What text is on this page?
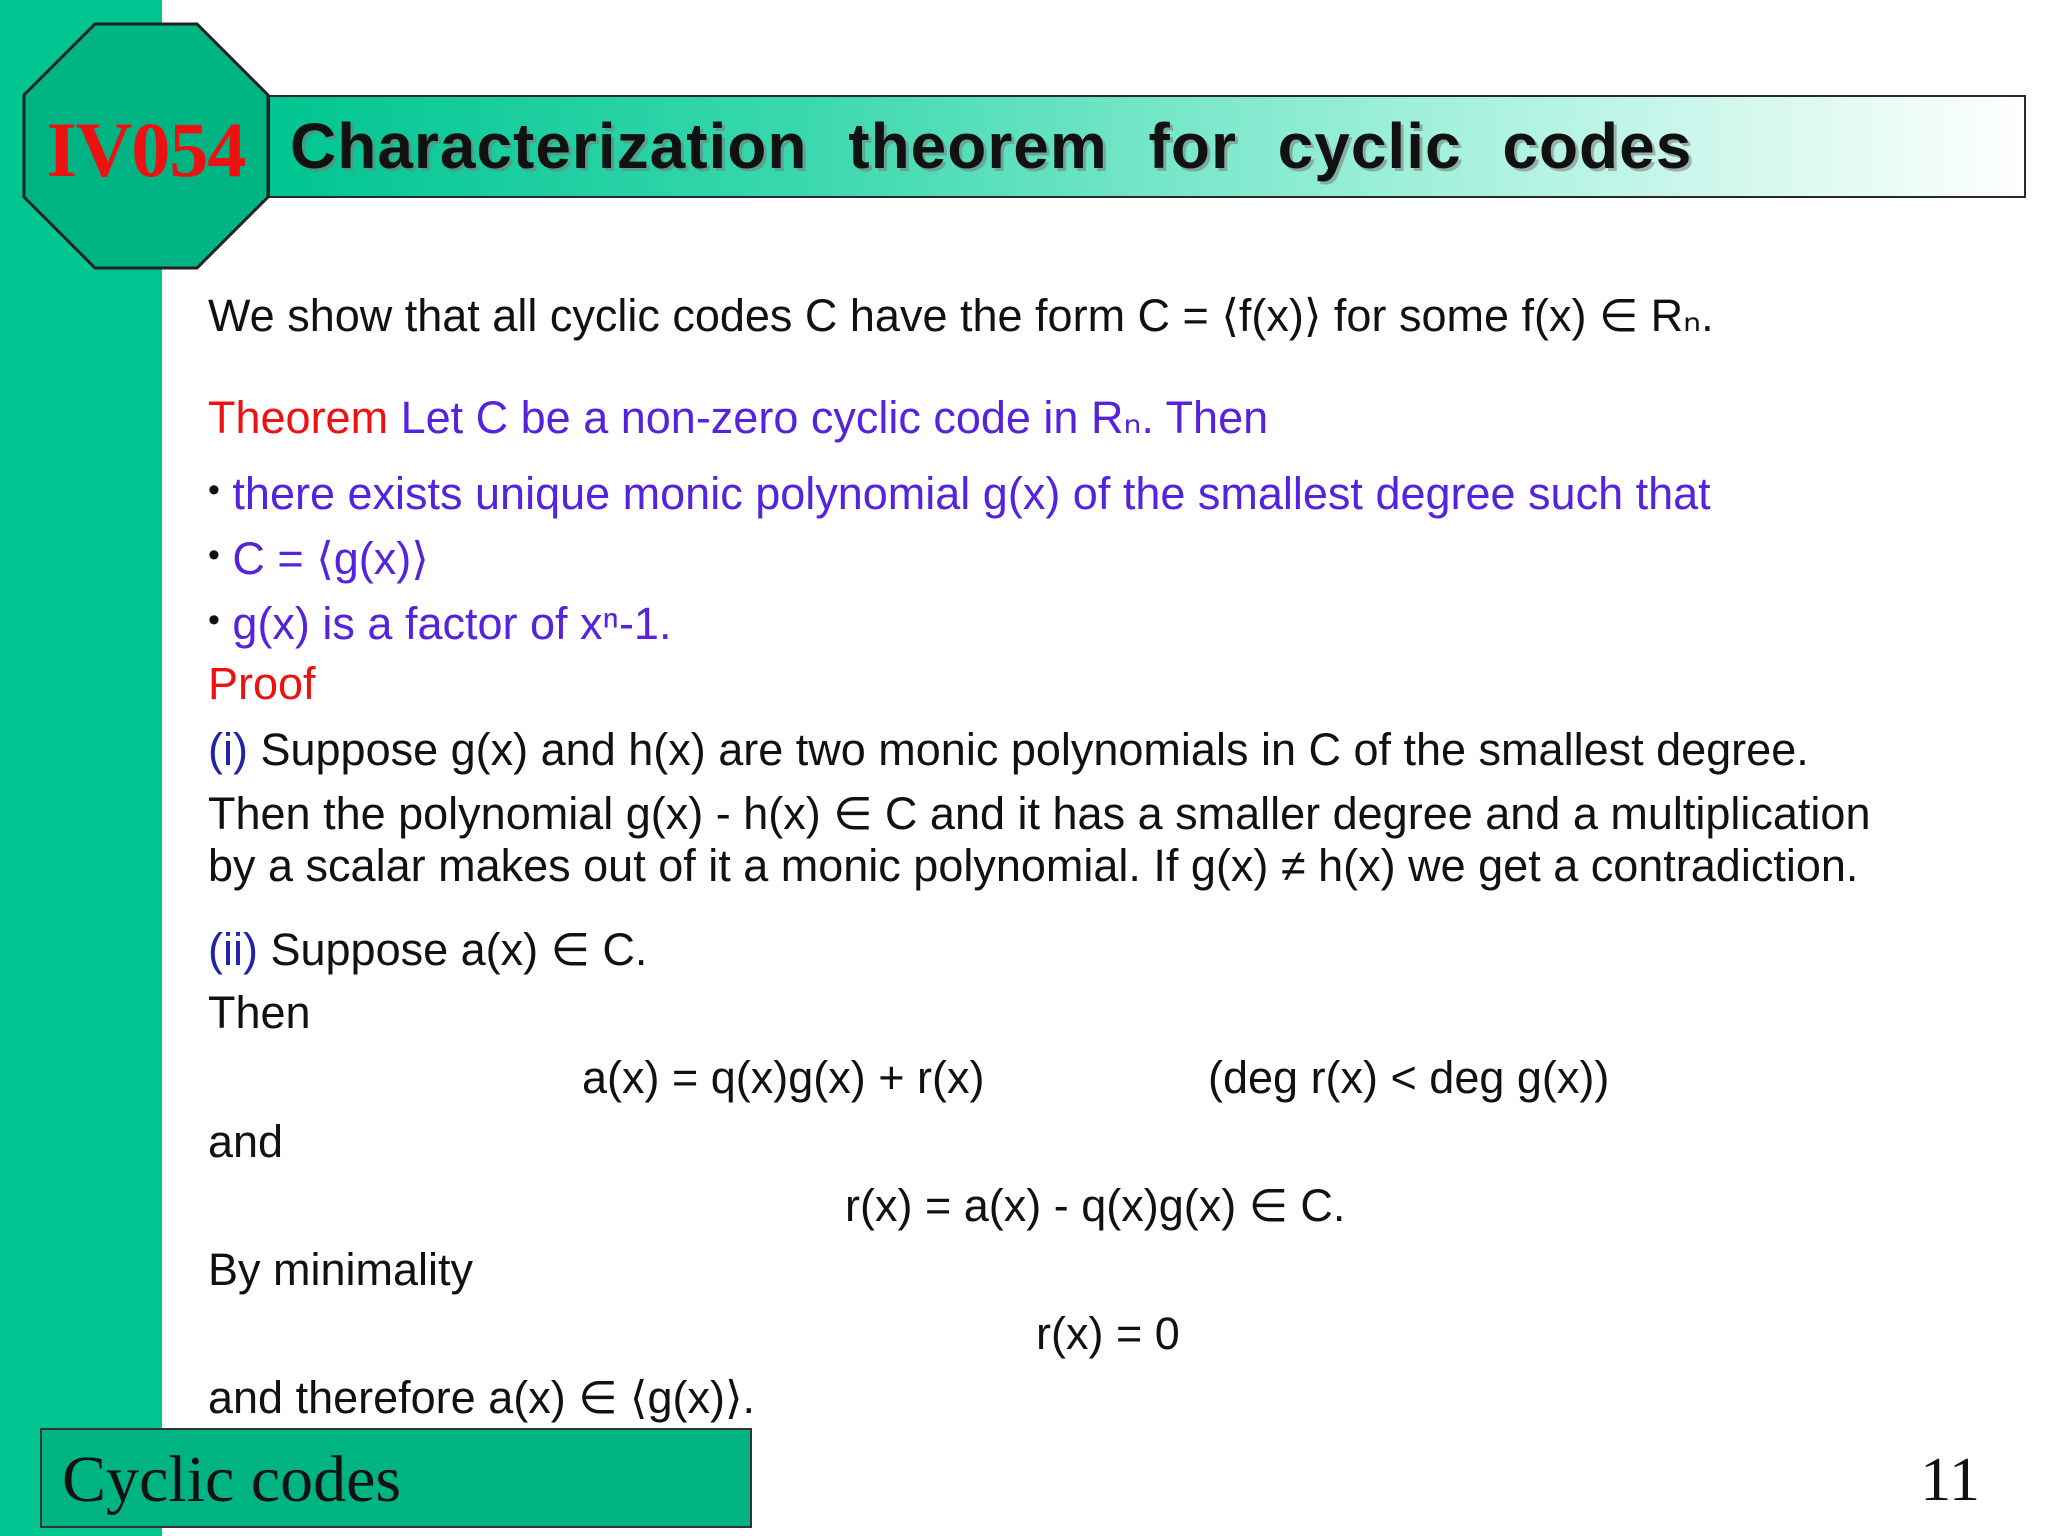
Characterization theorem for cyclic codes
IV054
We show that all cyclic codes C have the form C = ⟨f(x)⟩ for some f(x) ∈ Rₙ.
Theorem Let C be a non-zero cyclic code in Rₙ. Then
• there exists unique monic polynomial g(x) of the smallest degree such that
• C = ⟨g(x)⟩
• g(x) is a factor of xⁿ-1.
Proof
(i) Suppose g(x) and h(x) are two monic polynomials in C of the smallest degree.
Then the polynomial g(x) - h(x) ∈ C and it has a smaller degree and a multiplication
by a scalar makes out of it a monic polynomial. If g(x) ≠ h(x) we get a contradiction.
(ii) Suppose a(x) ∈ C.
Then
a(x) = q(x)g(x) + r(x)	(deg r(x) < deg g(x))
and
r(x) = a(x) - q(x)g(x) ∈ C.
By minimality
r(x) = 0
and therefore a(x) ∈ ⟨g(x)⟩.
Cyclic codes	11
